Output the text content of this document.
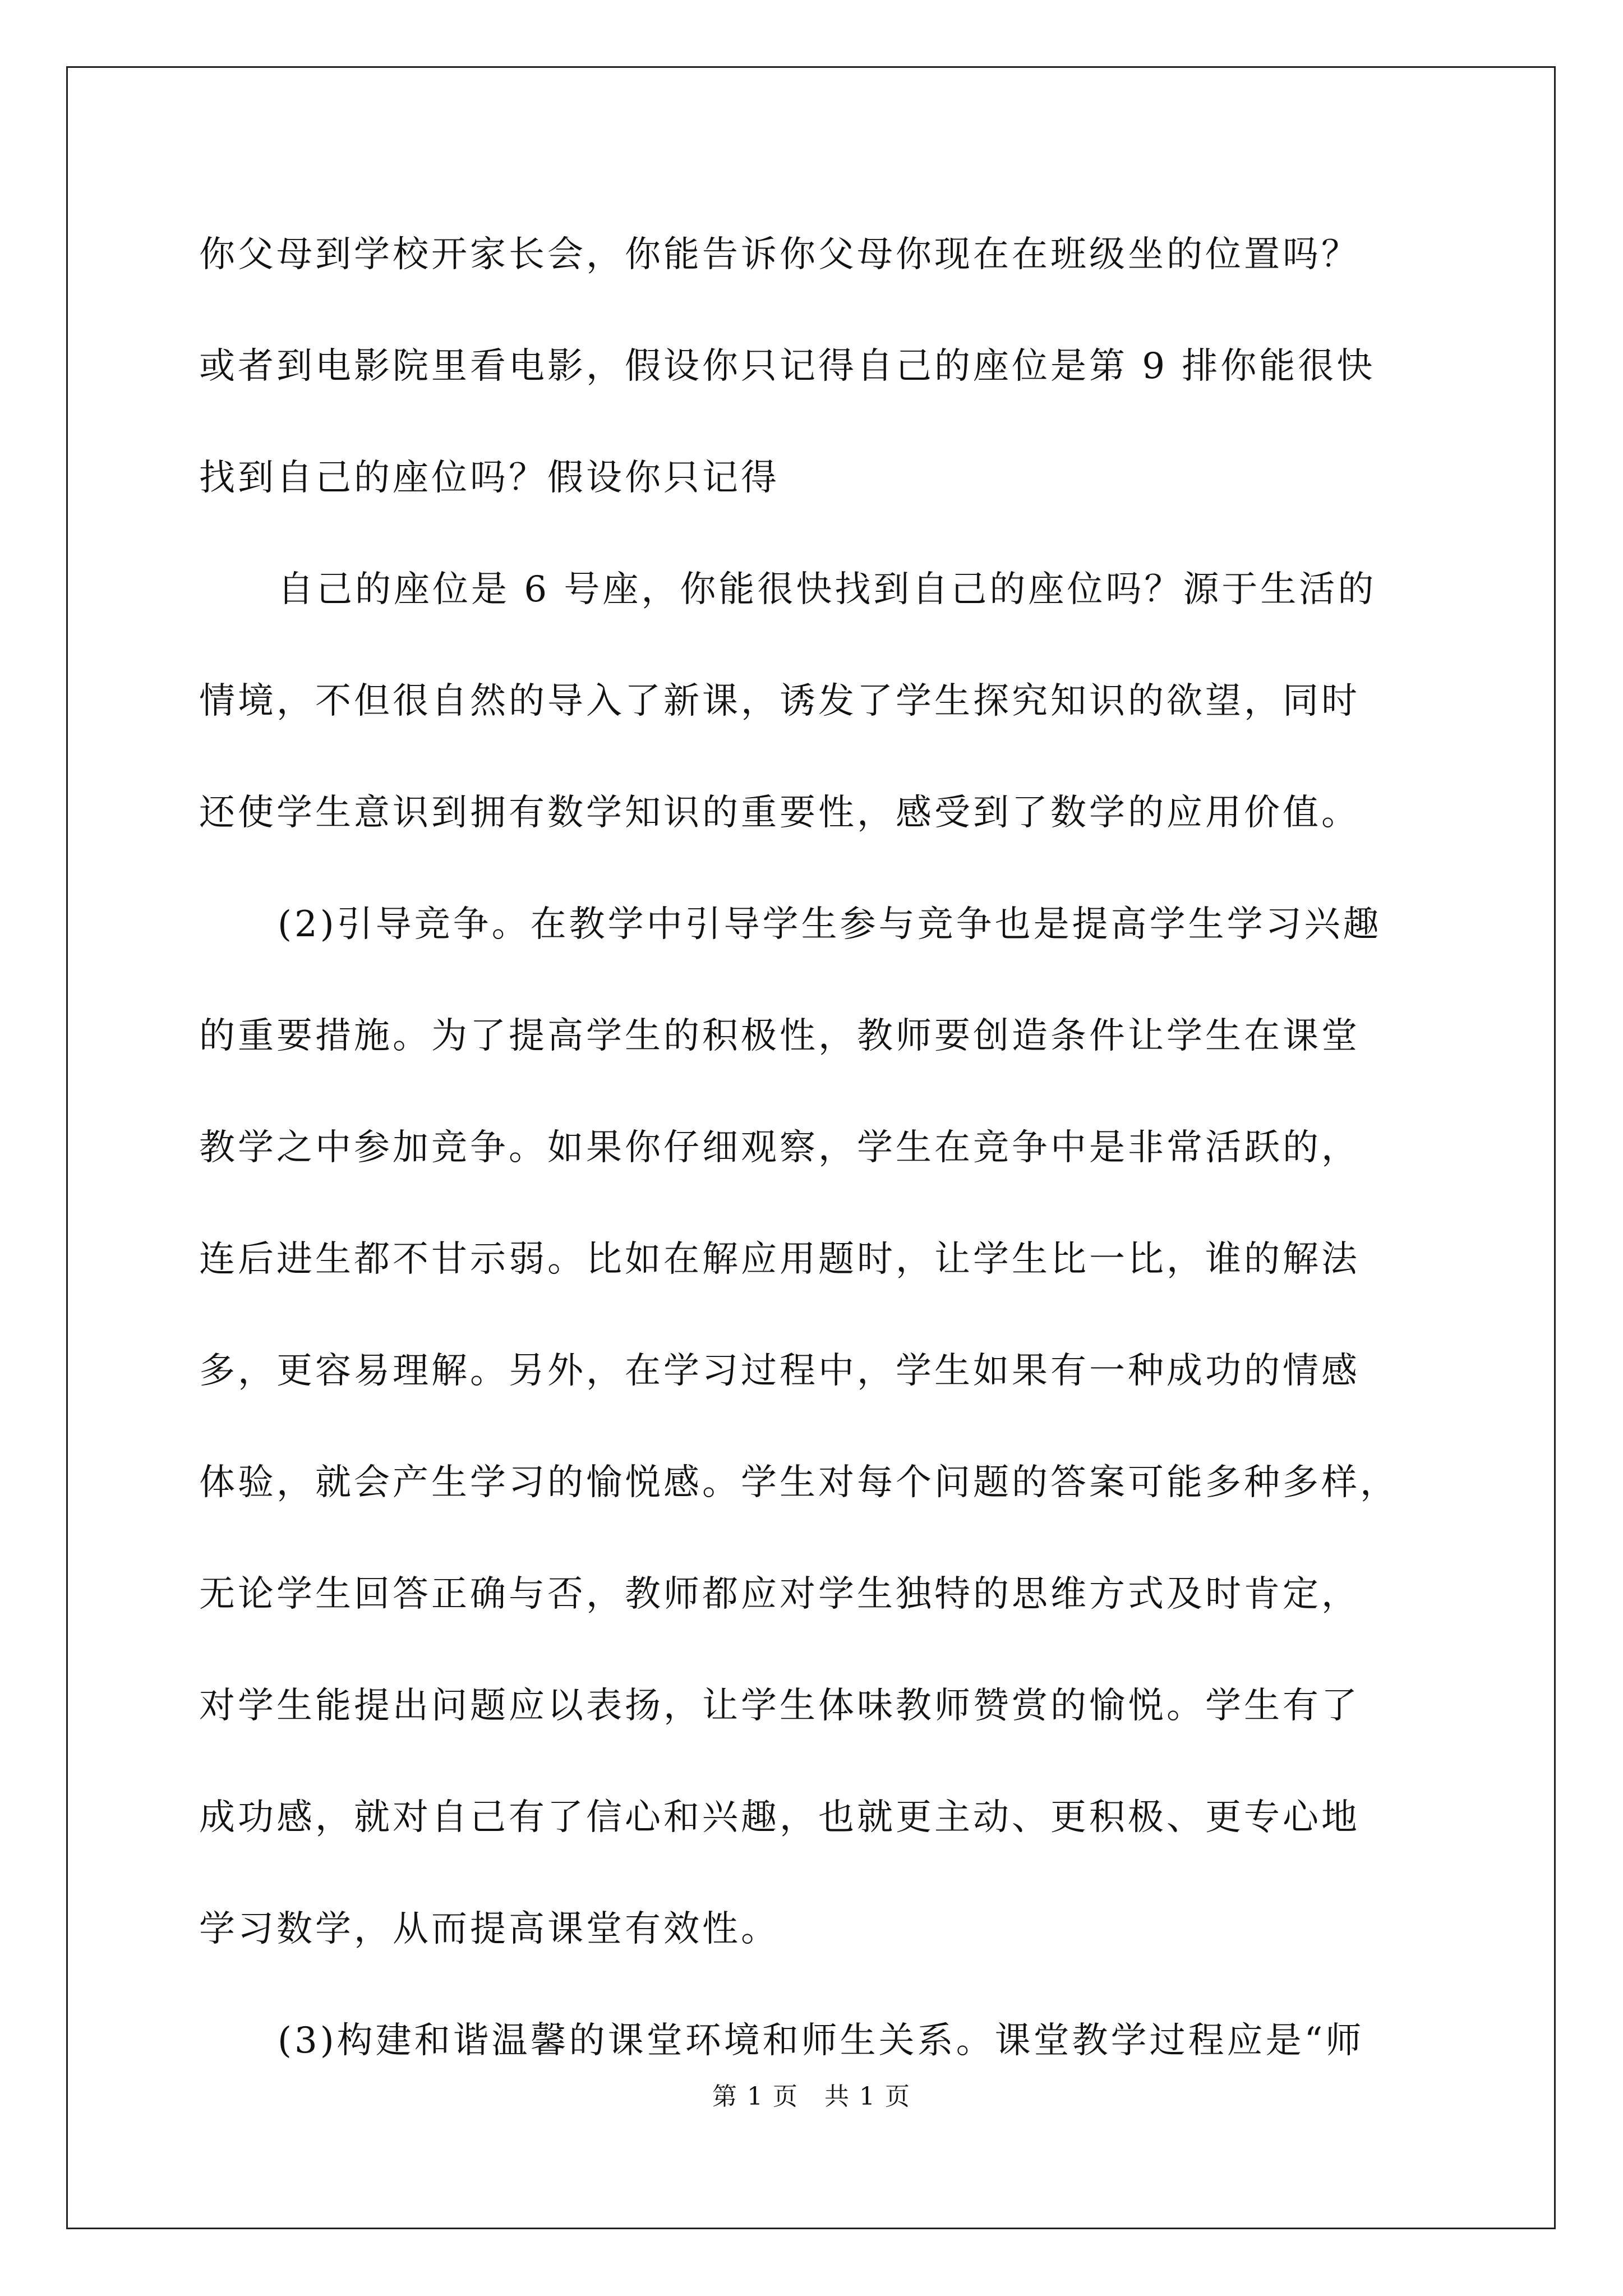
你父母到学校开家长会，你能告诉你父母你现在在班级坐的位置吗？
或者到电影院里看电影，假设你只记得自己的座位是第 9 排你能很快
找到自己的座位吗？假设你只记得
自己的座位是 6 号座，你能很快找到自己的座位吗？源于生活的
情境，不但很自然的导入了新课，诱发了学生探究知识的欲望，同时
还使学生意识到拥有数学知识的重要性，感受到了数学的应用价值。
(2)引导竞争。在教学中引导学生参与竞争也是提高学生学习兴趣
的重要措施。为了提高学生的积极性，教师要创造条件让学生在课堂
教学之中参加竞争。如果你仔细观察，学生在竞争中是非常活跃的，
连后进生都不甘示弱。比如在解应用题时，让学生比一比，谁的解法
多，更容易理解。另外，在学习过程中，学生如果有一种成功的情感
体验，就会产生学习的愉悦感。学生对每个问题的答案可能多种多样，
无论学生回答正确与否，教师都应对学生独特的思维方式及时肯定，
对学生能提出问题应以表扬，让学生体味教师赞赏的愉悦。学生有了
成功感，就对自己有了信心和兴趣，也就更主动、更积极、更专心地
学习数学，从而提高课堂有效性。
(3)构建和谐温馨的课堂环境和师生关系。课堂教学过程应是“师
第 1 页　共 1 页
